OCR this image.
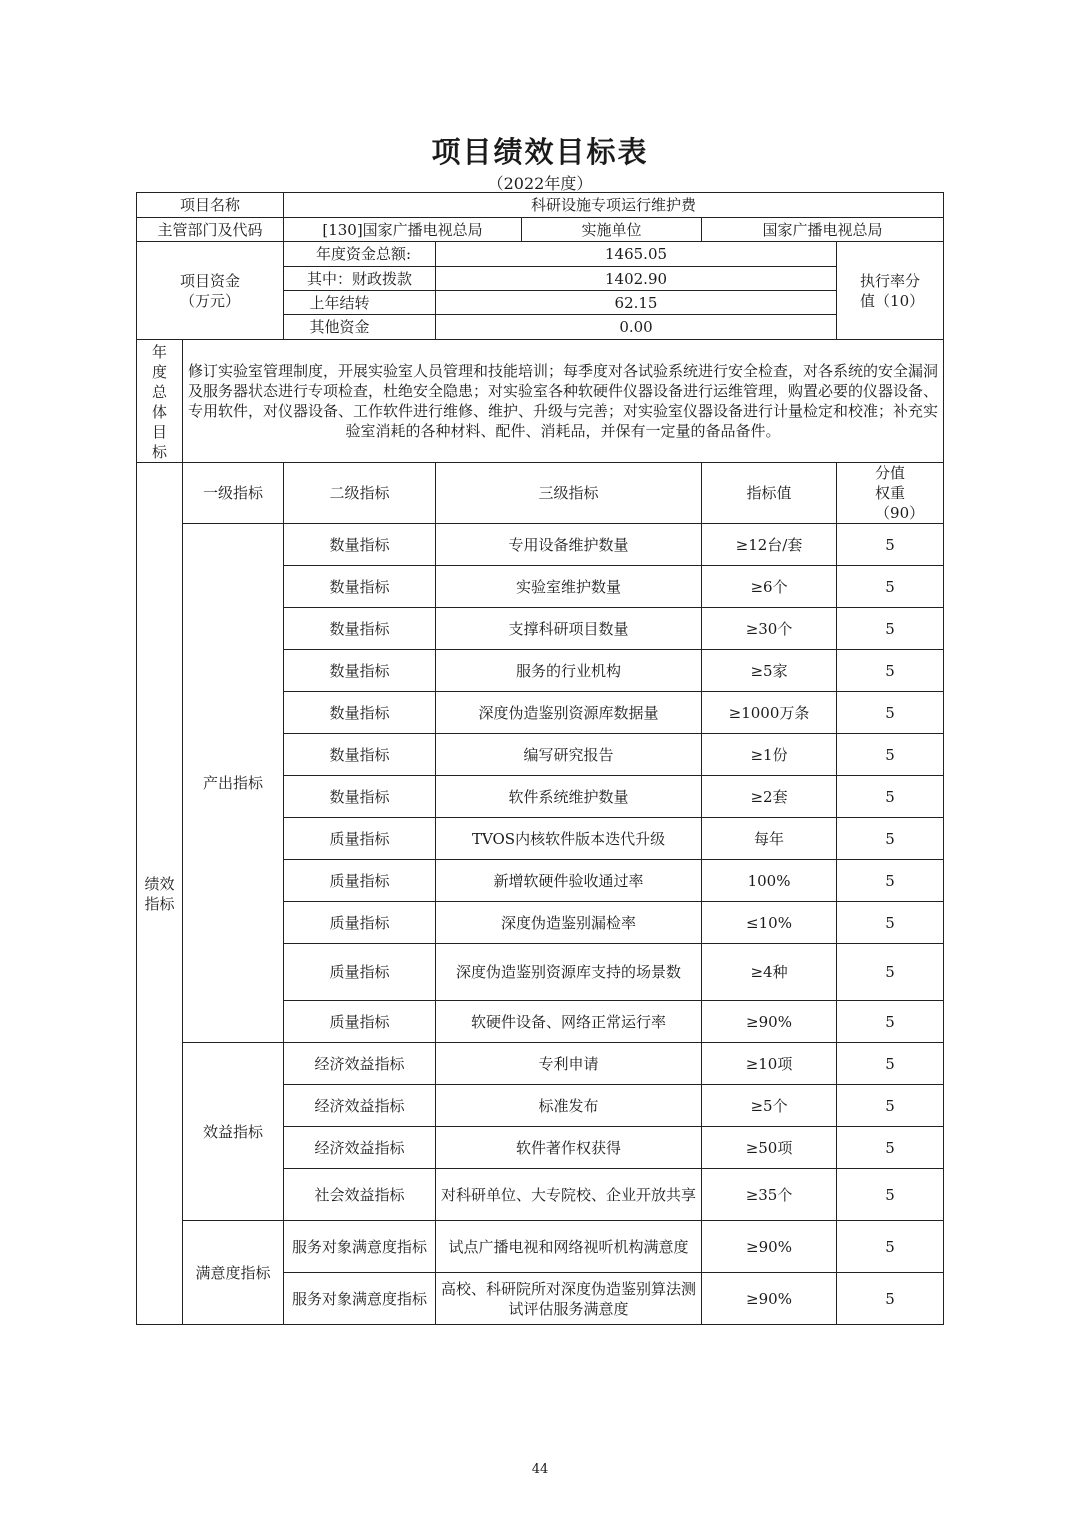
项目绩效目标表
（2022年度）
项目名称		科研设施专项运行维护费				
主管部门及代码		[130]国家广播电视总局		实施单位	国家广播电视总局	

项目资金（万元）		年度资金总额:	1465.05			执行率分值（10）

		其中：财政拨款	1402.90			
		上年结转	62.15			
		其他资金	0.00			

年度总体目标	修订实验室管理制度，开展实验室人员管理和技能培训；每季度对各试验系统进行安全检查，对各系统的安全漏洞及服务器状态进行专项检查，杜绝安全隐患；对实验室各种软硬件仪器设备进行运维管理，购置必要的仪器设备、专用软件，对仪器设备、工作软件进行维修、维护、升级与完善；对实验室仪器设备进行计量检定和校准；补充实验室消耗的各种材料、配件、消耗品，并保有一定量的备品备件。					

绩效指标	一级指标	二级指标	三级指标		指标值	分值权重（90）

	产出指标	数量指标	专用设备维护数量		≥12台/套	5
		数量指标	实验室维护数量		≥6个	5
		数量指标	支撑科研项目数量		≥30个	5
		数量指标	服务的行业机构		≥5家	5
		数量指标	深度伪造鉴别资源库数据量		≥1000万条	5
		数量指标	编写研究报告		≥1份	5
		数量指标	软件系统维护数量		≥2套	5
		质量指标	TVOS内核软件版本迭代升级		每年	5
		质量指标	新增软硬件验收通过率		100%	5
		质量指标	深度伪造鉴别漏检率		≤10%	5
		质量指标	深度伪造鉴别资源库支持的场景数		≥4种	5
		质量指标	软硬件设备、网络正常运行率		≥90%	5
	效益指标	经济效益指标	专利申请		≥10项	5
		经济效益指标	标准发布		≥5个	5
		经济效益指标	软件著作权获得		≥50项	5
		社会效益指标	对科研单位、大专院校、企业开放共享		≥35个	5
	满意度指标	服务对象满意度指标	试点广播电视和网络视听机构满意度		≥90%	5
		服务对象满意度指标	高校、科研院所对深度伪造鉴别算法测试评估服务满意度		≥90%	5
44
